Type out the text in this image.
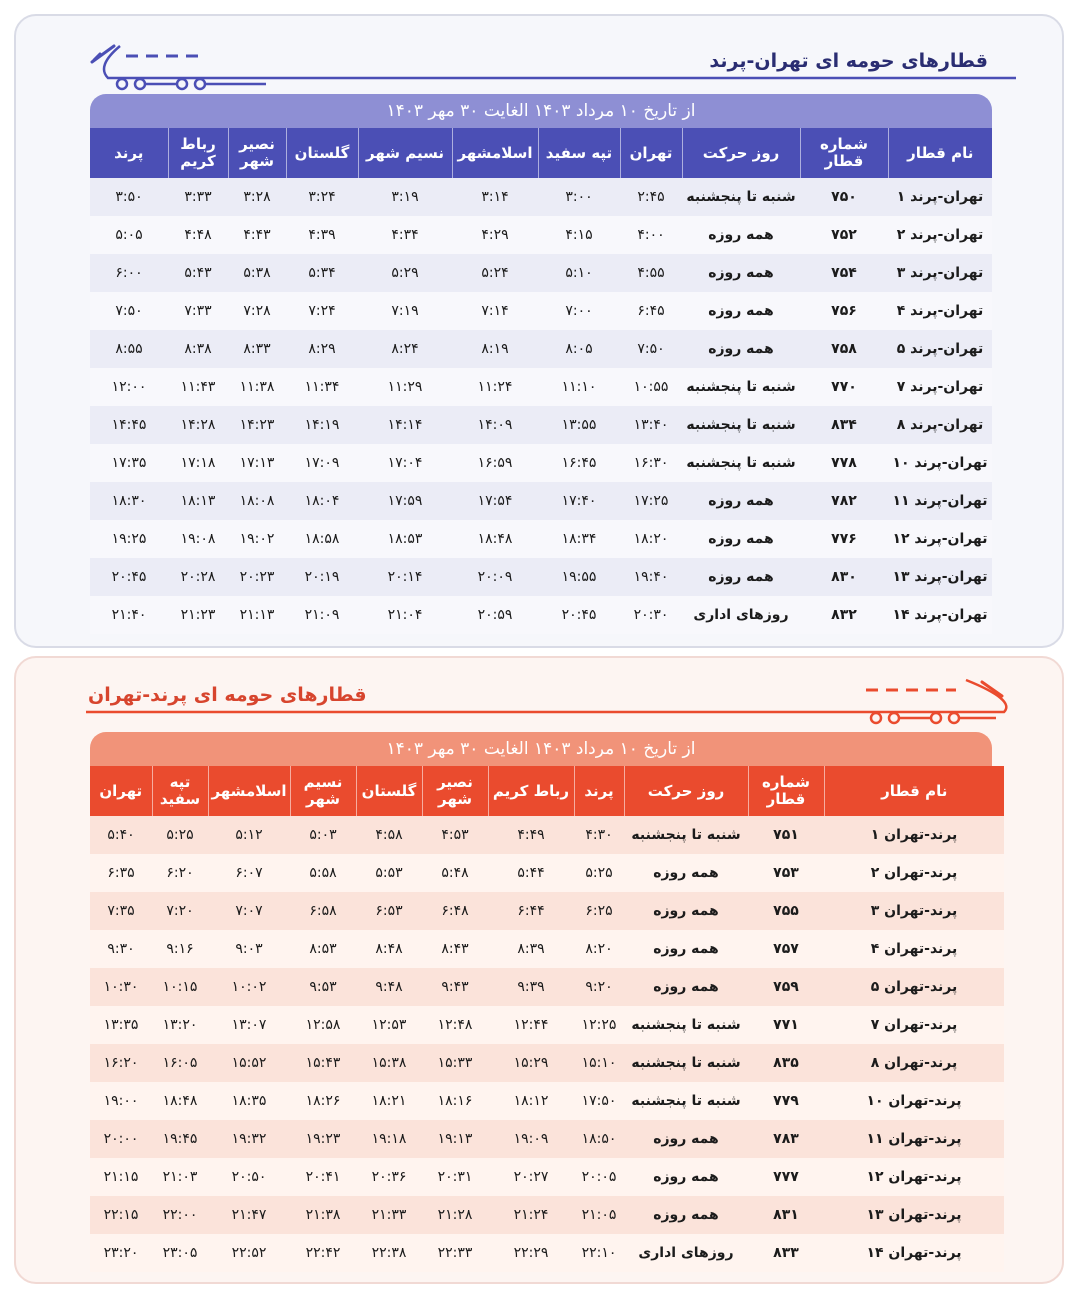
قطارهای حومه ای تهران-پرند
از تاریخ ۱۰ مرداد ۱۴۰۳ الغایت ۳۰ مهر ۱۴۰۳
نام قطار	شماره قطار	روز حرکت	تهران	تپه سفید	اسلامشهر	نسیم شهر	گلستان	نصیر شهر	رباط کریم	پرند
تهران-پرند ۱	۷۵۰	شنبه تا پنجشنبه	۲:۴۵	۳:۰۰	۳:۱۴	۳:۱۹	۳:۲۴	۳:۲۸	۳:۳۳	۳:۵۰
تهران-پرند ۲	۷۵۲	همه روزه	۴:۰۰	۴:۱۵	۴:۲۹	۴:۳۴	۴:۳۹	۴:۴۳	۴:۴۸	۵:۰۵
تهران-پرند ۳	۷۵۴	همه روزه	۴:۵۵	۵:۱۰	۵:۲۴	۵:۲۹	۵:۳۴	۵:۳۸	۵:۴۳	۶:۰۰
تهران-پرند ۴	۷۵۶	همه روزه	۶:۴۵	۷:۰۰	۷:۱۴	۷:۱۹	۷:۲۴	۷:۲۸	۷:۳۳	۷:۵۰
تهران-پرند ۵	۷۵۸	همه روزه	۷:۵۰	۸:۰۵	۸:۱۹	۸:۲۴	۸:۲۹	۸:۳۳	۸:۳۸	۸:۵۵
تهران-پرند ۷	۷۷۰	شنبه تا پنجشنبه	۱۰:۵۵	۱۱:۱۰	۱۱:۲۴	۱۱:۲۹	۱۱:۳۴	۱۱:۳۸	۱۱:۴۳	۱۲:۰۰
تهران-پرند ۸	۸۳۴	شنبه تا پنجشنبه	۱۳:۴۰	۱۳:۵۵	۱۴:۰۹	۱۴:۱۴	۱۴:۱۹	۱۴:۲۳	۱۴:۲۸	۱۴:۴۵
تهران-پرند ۱۰	۷۷۸	شنبه تا پنجشنبه	۱۶:۳۰	۱۶:۴۵	۱۶:۵۹	۱۷:۰۴	۱۷:۰۹	۱۷:۱۳	۱۷:۱۸	۱۷:۳۵
تهران-پرند ۱۱	۷۸۲	همه روزه	۱۷:۲۵	۱۷:۴۰	۱۷:۵۴	۱۷:۵۹	۱۸:۰۴	۱۸:۰۸	۱۸:۱۳	۱۸:۳۰
تهران-پرند ۱۲	۷۷۶	همه روزه	۱۸:۲۰	۱۸:۳۴	۱۸:۴۸	۱۸:۵۳	۱۸:۵۸	۱۹:۰۲	۱۹:۰۸	۱۹:۲۵
تهران-پرند ۱۳	۸۳۰	همه روزه	۱۹:۴۰	۱۹:۵۵	۲۰:۰۹	۲۰:۱۴	۲۰:۱۹	۲۰:۲۳	۲۰:۲۸	۲۰:۴۵
تهران-پرند ۱۴	۸۳۲	روزهای اداری	۲۰:۳۰	۲۰:۴۵	۲۰:۵۹	۲۱:۰۴	۲۱:۰۹	۲۱:۱۳	۲۱:۲۳	۲۱:۴۰
قطارهای حومه ای پرند-تهران
از تاریخ ۱۰ مرداد ۱۴۰۳ الغایت ۳۰ مهر ۱۴۰۳
نام قطار	شماره قطار	روز حرکت	پرند	رباط کریم	نصیر شهر	گلستان	نسیم شهر	اسلامشهر	تپه سفید	تهران
پرند-تهران ۱	۷۵۱	شنبه تا پنجشنبه	۴:۳۰	۴:۴۹	۴:۵۳	۴:۵۸	۵:۰۳	۵:۱۲	۵:۲۵	۵:۴۰
پرند-تهران ۲	۷۵۳	همه روزه	۵:۲۵	۵:۴۴	۵:۴۸	۵:۵۳	۵:۵۸	۶:۰۷	۶:۲۰	۶:۳۵
پرند-تهران ۳	۷۵۵	همه روزه	۶:۲۵	۶:۴۴	۶:۴۸	۶:۵۳	۶:۵۸	۷:۰۷	۷:۲۰	۷:۳۵
پرند-تهران ۴	۷۵۷	همه روزه	۸:۲۰	۸:۳۹	۸:۴۳	۸:۴۸	۸:۵۳	۹:۰۳	۹:۱۶	۹:۳۰
پرند-تهران ۵	۷۵۹	همه روزه	۹:۲۰	۹:۳۹	۹:۴۳	۹:۴۸	۹:۵۳	۱۰:۰۲	۱۰:۱۵	۱۰:۳۰
پرند-تهران ۷	۷۷۱	شنبه تا پنجشنبه	۱۲:۲۵	۱۲:۴۴	۱۲:۴۸	۱۲:۵۳	۱۲:۵۸	۱۳:۰۷	۱۳:۲۰	۱۳:۳۵
پرند-تهران ۸	۸۳۵	شنبه تا پنجشنبه	۱۵:۱۰	۱۵:۲۹	۱۵:۳۳	۱۵:۳۸	۱۵:۴۳	۱۵:۵۲	۱۶:۰۵	۱۶:۲۰
پرند-تهران ۱۰	۷۷۹	شنبه تا پنجشنبه	۱۷:۵۰	۱۸:۱۲	۱۸:۱۶	۱۸:۲۱	۱۸:۲۶	۱۸:۳۵	۱۸:۴۸	۱۹:۰۰
پرند-تهران ۱۱	۷۸۳	همه روزه	۱۸:۵۰	۱۹:۰۹	۱۹:۱۳	۱۹:۱۸	۱۹:۲۳	۱۹:۳۲	۱۹:۴۵	۲۰:۰۰
پرند-تهران ۱۲	۷۷۷	همه روزه	۲۰:۰۵	۲۰:۲۷	۲۰:۳۱	۲۰:۳۶	۲۰:۴۱	۲۰:۵۰	۲۱:۰۳	۲۱:۱۵
پرند-تهران ۱۳	۸۳۱	همه روزه	۲۱:۰۵	۲۱:۲۴	۲۱:۲۸	۲۱:۳۳	۲۱:۳۸	۲۱:۴۷	۲۲:۰۰	۲۲:۱۵
پرند-تهران ۱۴	۸۳۳	روزهای اداری	۲۲:۱۰	۲۲:۲۹	۲۲:۳۳	۲۲:۳۸	۲۲:۴۲	۲۲:۵۲	۲۳:۰۵	۲۳:۲۰
